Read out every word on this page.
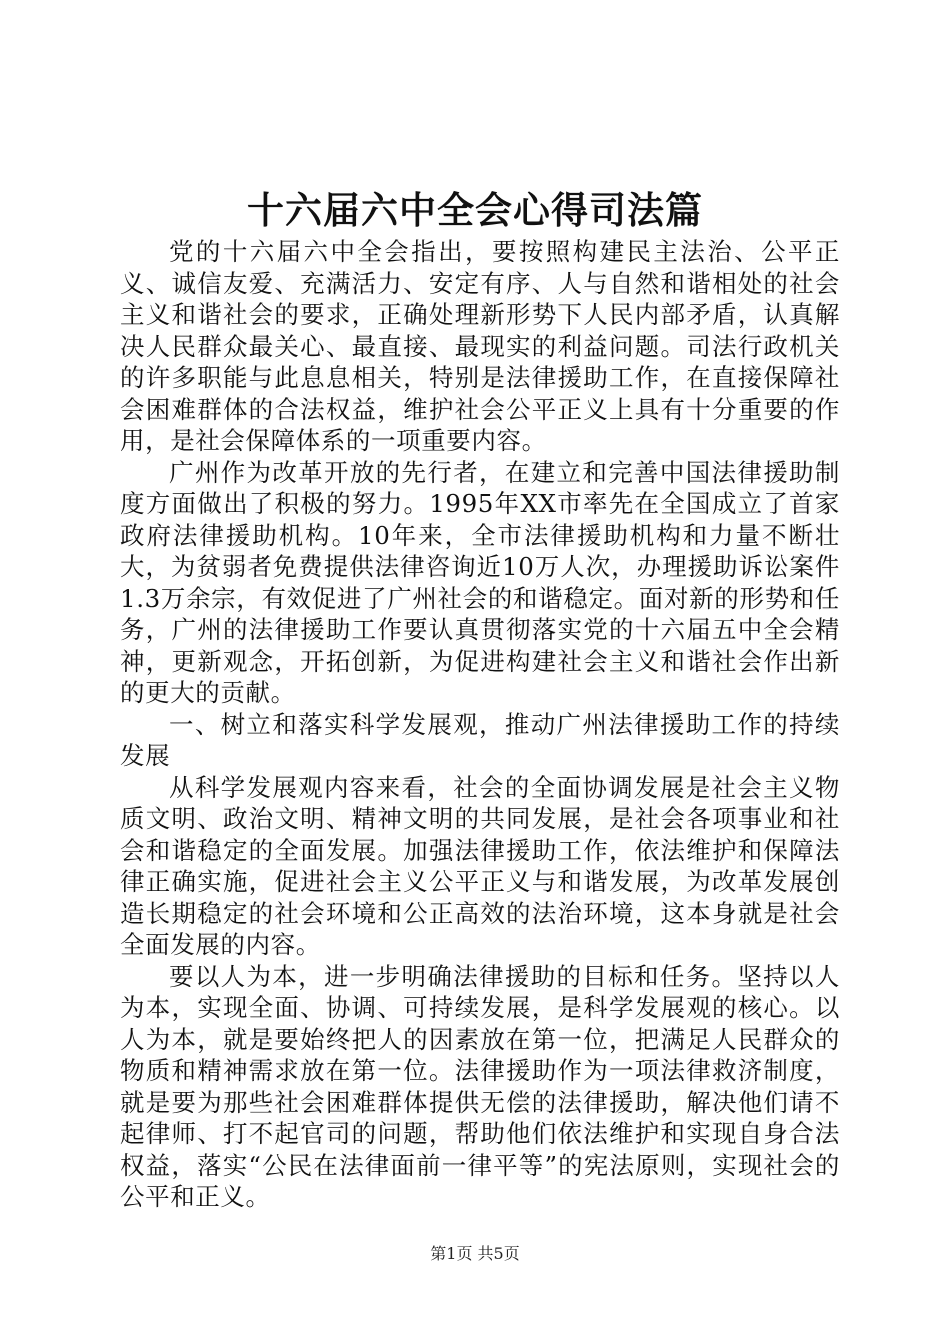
十六届六中全会心得司法篇

党的十六届六中全会指出，要按照构建民主法治、公平正义、诚信友爱、充满活力、安定有序、人与自然和谐相处的社会主义和谐社会的要求，正确处理新形势下人民内部矛盾，认真解决人民群众最关心、最直接、最现实的利益问题。司法行政机关的许多职能与此息息相关，特别是法律援助工作，在直接保障社会困难群体的合法权益，维护社会公平正义上具有十分重要的作用，是社会保障体系的一项重要内容。

广州作为改革开放的先行者，在建立和完善中国法律援助制度方面做出了积极的努力。1995年XX市率先在全国成立了首家政府法律援助机构。10年来，全市法律援助机构和力量不断壮大，为贫弱者免费提供法律咨询近10万人次，办理援助诉讼案件1.3万余宗，有效促进了广州社会的和谐稳定。面对新的形势和任务，广州的法律援助工作要认真贯彻落实党的十六届五中全会精神，更新观念，开拓创新，为促进构建社会主义和谐社会作出新的更大的贡献。

一、树立和落实科学发展观，推动广州法律援助工作的持续发展

从科学发展观内容来看，社会的全面协调发展是社会主义物质文明、政治文明、精神文明的共同发展，是社会各项事业和社会和谐稳定的全面发展。加强法律援助工作，依法维护和保障法律正确实施，促进社会主义公平正义与和谐发展，为改革发展创造长期稳定的社会环境和公正高效的法治环境，这本身就是社会全面发展的内容。

要以人为本，进一步明确法律援助的目标和任务。坚持以人为本，实现全面、协调、可持续发展，是科学发展观的核心。以人为本，就是要始终把人的因素放在第一位，把满足人民群众的物质和精神需求放在第一位。法律援助作为一项法律救济制度，就是要为那些社会困难群体提供无偿的法律援助，解决他们请不起律师、打不起官司的问题，帮助他们依法维护和实现自身合法权益，落实“公民在法律面前一律平等”的宪法原则，实现社会的公平和正义。

第1页 共5页
